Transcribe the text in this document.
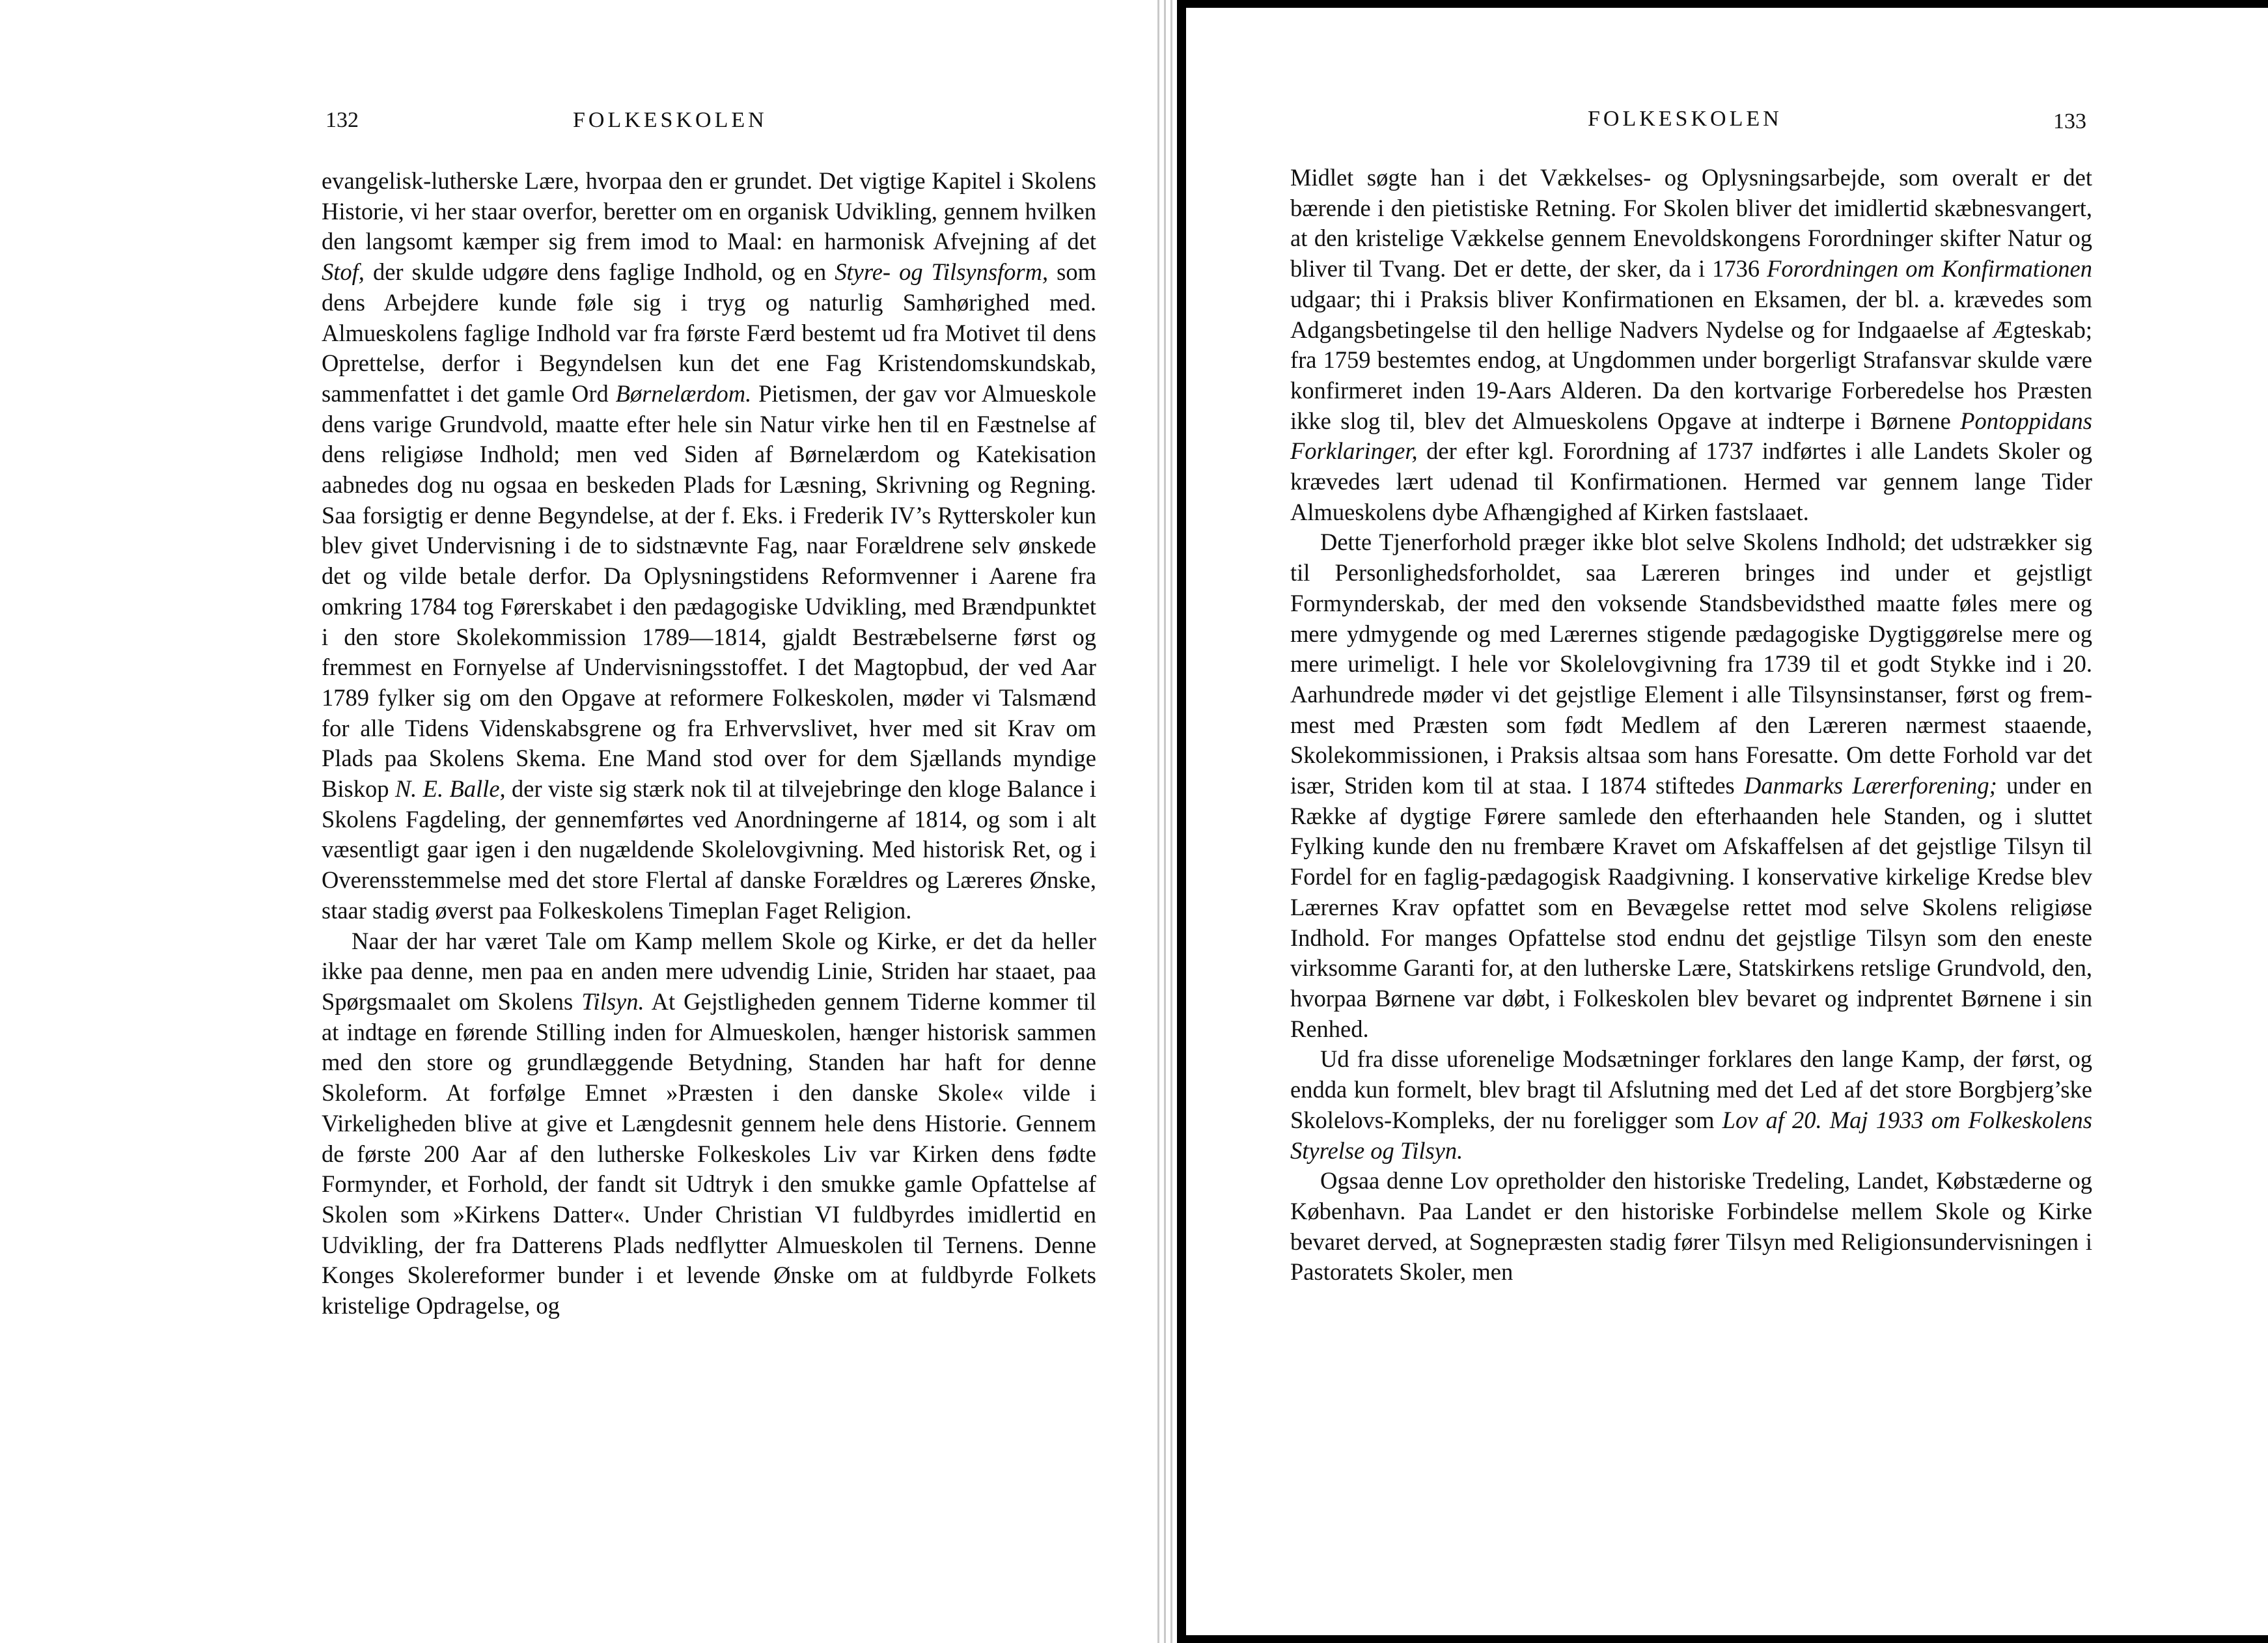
132	FOLKESKOLEN

evangelisk-lutherske Lære, hvorpaa den er grundet. Det vigtige Kapitel i Skolens Historie, vi her staar overfor, beretter om en organisk Udvikling, gennem hvilken den langsomt kæmper sig frem imod to Maal: en harmonisk Afvejning af det Stof, der skulde udgøre dens faglige Indhold, og en Styre- og Tilsynsform, som dens Arbejdere kunde føle sig i tryg og naturlig Samhørighed med. Almueskolens faglige Indhold var fra første Færd bestemt ud fra Motivet til dens Oprettelse, derfor i Begyndelsen kun det ene Fag Kristendomskundskab, sammenfattet i det gamle Ord Børnelærdom. Pietismen, der gav vor Almueskole dens varige Grundvold, maatte efter hele sin Natur virke hen til en Fæstnelse af dens religiøse Indhold; men ved Siden af Børnelærdom og Katekisation aabnedes dog nu ogsaa en beskeden Plads for Læsning, Skrivning og Regning. Saa forsigtig er denne Begyndelse, at der f. Eks. i Frederik IV’s Rytterskoler kun blev givet Undervisning i de to sidstnævnte Fag, naar Forældrene selv ønskede det og vilde betale derfor. Da Oplysningstidens Reformvenner i Aarene fra omkring 1784 tog Førerskabet i den pædagogiske Udvikling, med Brændpunktet i den store Skolekommission 1789—1814, gjaldt Bestræbelserne først og fremmest en Fornyelse af Undervisningsstoffet. I det Magtopbud, der ved Aar 1789 fylker sig om den Opgave at reformere Folkeskolen, møder vi Talsmænd for alle Tidens Videnskabsgrene og fra Erhvervslivet, hver med sit Krav om Plads paa Skolens Skema. Ene Mand stod over for dem Sjællands myndige Biskop N. E. Balle, der viste sig stærk nok til at tilvejebringe den kloge Balance i Skolens Fagdeling, der gennemførtes ved Anordningerne af 1814, og som i alt væsentligt gaar igen i den nugældende Skolelovgivning. Med historisk Ret, og i Overensstemmelse med det store Flertal af danske Forældres og Læreres Ønske, staar stadig øverst paa Folkeskolens Timeplan Faget Religion.

Naar der har været Tale om Kamp mellem Skole og Kirke, er det da heller ikke paa denne, men paa en anden mere udvendig Linie, Striden har staaet, paa Spørgsmaalet om Skolens Tilsyn. At Gejstligheden gennem Tiderne kommer til at indtage en førende Stilling inden for Almueskolen, hænger historisk sammen med den store og grundlæggende Betydning, Standen har haft for denne Skoleform. At forfølge Emnet »Præsten i den danske Skole« vilde i Virkeligheden blive at give et Længdesnit gennem hele dens Historie. Gennem de første 200 Aar af den lutherske Folkeskoles Liv var Kirken dens fødte Formynder, et Forhold, der fandt sit Udtryk i den smukke gamle Opfattelse af Skolen som »Kirkens Datter«. Under Christian VI fuldbyrdes imidlertid en Udvikling, der fra Datterens Plads nedflytter Almueskolen til Ternens. Denne Konges Skolereformer bunder i et levende Ønske om at fuldbyrde Folkets kristelige Opdragelse, og

FOLKESKOLEN	133

Midlet søgte han i det Vækkelses- og Oplysningsarbejde, som overalt er det bærende i den pietistiske Retning. For Skolen bliver det imidlertid skæbnesvangert, at den kristelige Vækkelse gennem Enevoldskongens Forordninger skifter Natur og bliver til Tvang. Det er dette, der sker, da i 1736 Forordningen om Konfirmationen udgaar; thi i Praksis bliver Konfirmationen en Eksamen, der bl. a. krævedes som Adgangsbetingelse til den hellige Nadvers Nydelse og for Indgaaelse af Ægteskab; fra 1759 bestemtes endog, at Ungdommen under borgerligt Strafansvar skulde være konfirmeret inden 19-Aars Alderen. Da den kortvarige Forberedelse hos Præsten ikke slog til, blev det Almueskolens Opgave at indterpe i Børnene Pontoppidans Forklaringer, der efter kgl. Forordning af 1737 indførtes i alle Landets Skoler og krævedes lært udenad til Konfirmationen. Hermed var gennem lange Tider Almueskolens dybe Afhængighed af Kirken fastslaaet.

Dette Tjenerforhold præger ikke blot selve Skolens Indhold; det udstrækker sig til Personlighedsforholdet, saa Læreren bringes ind under et gejstligt Formynderskab, der med den voksende Standsbevidsthed maatte føles mere og mere ydmygende og med Lærernes stigende pædagogiske Dygtiggørelse mere og mere urimeligt. I hele vor Skolelovgivning fra 1739 til et godt Stykke ind i 20. Aarhundrede møder vi det gejstlige Element i alle Tilsynsinstanser, først og fremmest med Præsten som født Medlem af den Læreren nærmest staaende, Skolekommissionen, i Praksis altsaa som hans Foresatte. Om dette Forhold var det især, Striden kom til at staa. I 1874 stiftedes Danmarks Lærerforening; under en Række af dygtige Førere samlede den efterhaanden hele Standen, og i sluttet Fylking kunde den nu frembære Kravet om Afskaffelsen af det gejstlige Tilsyn til Fordel for en faglig-pædagogisk Raadgivning. I konservative kirkelige Kredse blev Lærernes Krav opfattet som en Bevægelse rettet mod selve Skolens religiøse Indhold. For manges Opfattelse stod endnu det gejstlige Tilsyn som den eneste virksomme Garanti for, at den lutherske Lære, Statskirkens retslige Grundvold, den, hvorpaa Børnene var døbt, i Folkeskolen blev bevaret og indprentet Børnene i sin Renhed.

Ud fra disse uforenelige Modsætninger forklares den lange Kamp, der først, og endda kun formelt, blev bragt til Afslutning med det Led af det store Borgbjerg’ske Skolelovs-Kompleks, der nu foreligger som Lov af 20. Maj 1933 om Folkeskolens Styrelse og Tilsyn.

Ogsaa denne Lov opretholder den historiske Tredeling, Landet, Købstæderne og København. Paa Landet er den historiske Forbindelse mellem Skole og Kirke bevaret derved, at Sognepræsten stadig fører Tilsyn med Religionsundervisningen i Pastoratets Skoler, men
